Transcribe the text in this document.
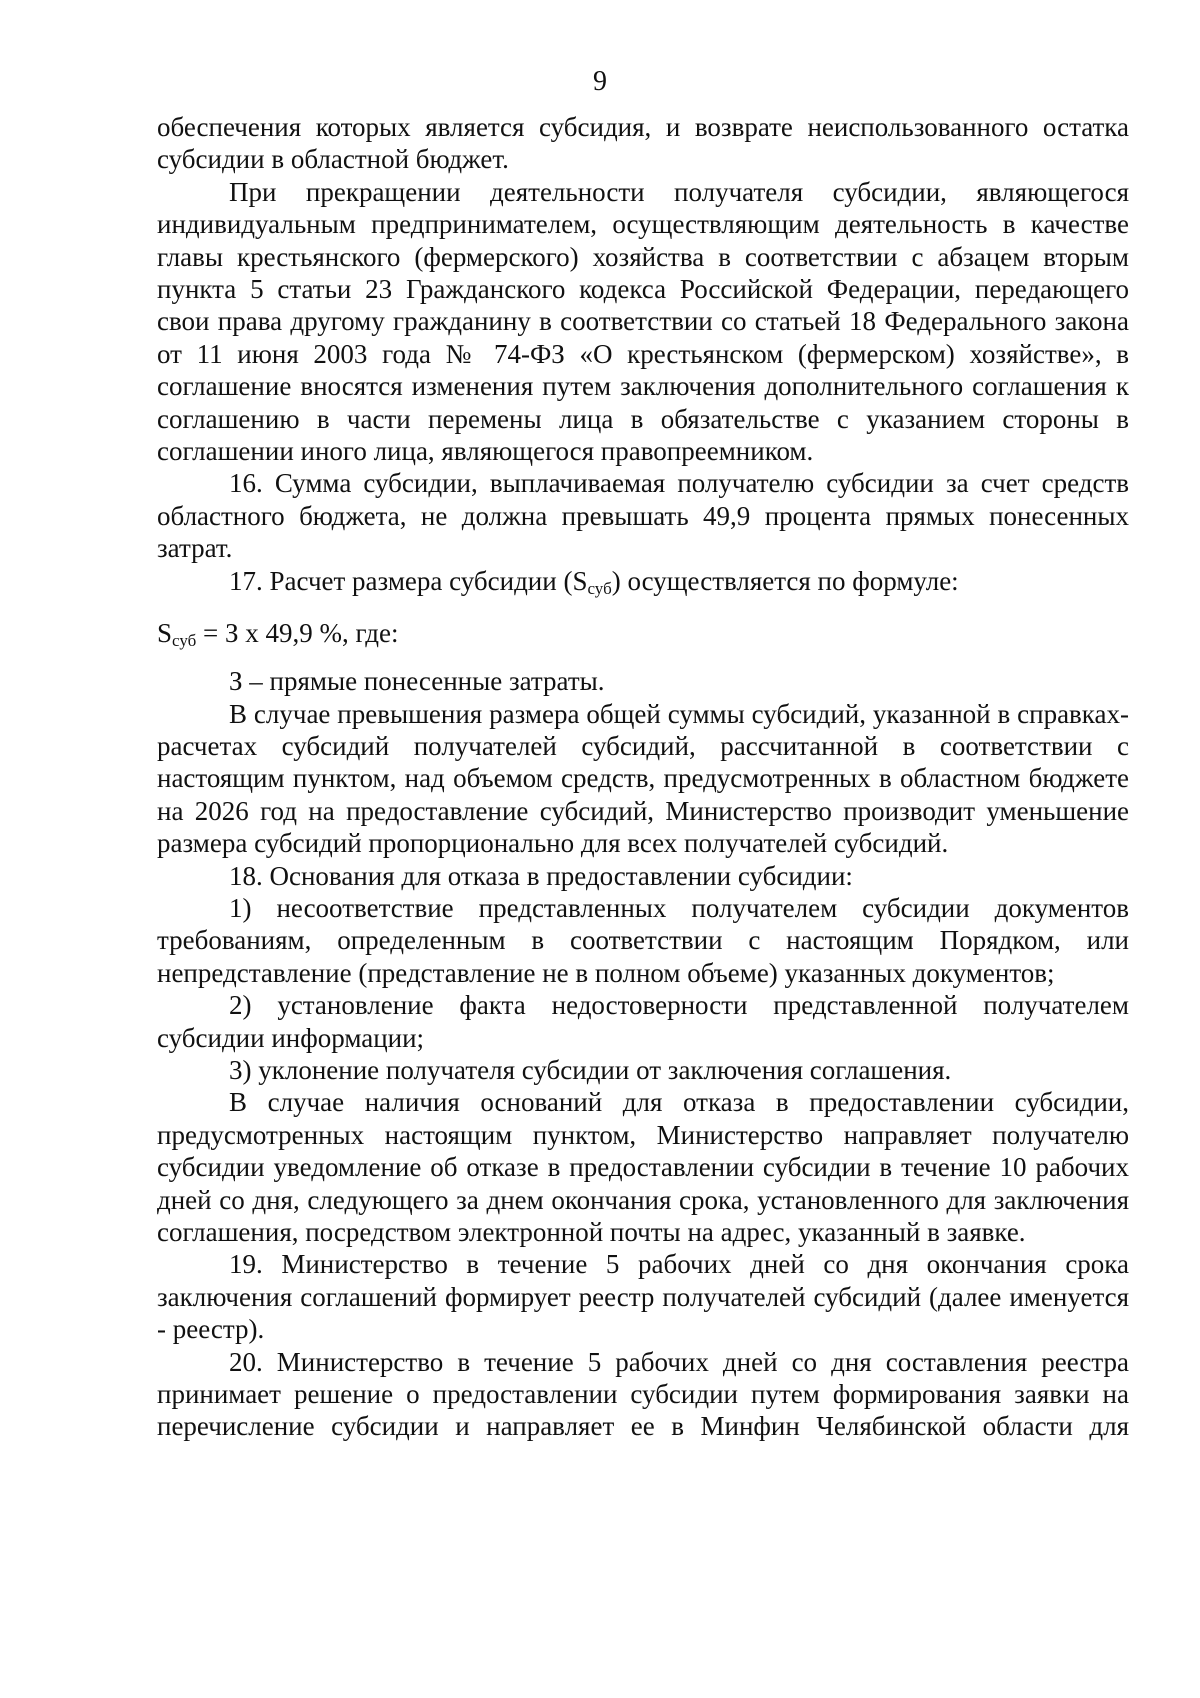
9

обеспечения которых является субсидия, и возврате неиспользованного остатка субсидии в областной бюджет.

При прекращении деятельности получателя субсидии, являющегося индивидуальным предпринимателем, осуществляющим деятельность в качестве главы крестьянского (фермерского) хозяйства в соответствии с абзацем вторым пункта 5 статьи 23 Гражданского кодекса Российской Федерации, передающего свои права другому гражданину в соответствии со статьей 18 Федерального закона от 11 июня 2003 года № 74-ФЗ «О крестьянском (фермерском) хозяйстве», в соглашение вносятся изменения путем заключения дополнительного соглашения к соглашению в части перемены лица в обязательстве с указанием стороны в соглашении иного лица, являющегося правопреемником.

16. Сумма субсидии, выплачиваемая получателю субсидии за счет средств областного бюджета, не должна превышать 49,9 процента прямых понесенных затрат.

17. Расчет размера субсидии (Sсуб) осуществляется по формуле:

$S_{суб} = З$ х 49,9 %, где:

З – прямые понесенные затраты.

В случае превышения размера общей суммы субсидий, указанной в справках-расчетах субсидий получателей субсидий, рассчитанной в соответствии с настоящим пунктом, над объемом средств, предусмотренных в областном бюджете на 2026 год на предоставление субсидий, Министерство производит уменьшение размера субсидий пропорционально для всех получателей субсидий.

18. Основания для отказа в предоставлении субсидии:

1) несоответствие представленных получателем субсидии документов требованиям, определенным в соответствии с настоящим Порядком, или непредставление (представление не в полном объеме) указанных документов;

2) установление факта недостоверности представленной получателем субсидии информации;

3) уклонение получателя субсидии от заключения соглашения.

В случае наличия оснований для отказа в предоставлении субсидии, предусмотренных настоящим пунктом, Министерство направляет получателю субсидии уведомление об отказе в предоставлении субсидии в течение 10 рабочих дней со дня, следующего за днем окончания срока, установленного для заключения соглашения, посредством электронной почты на адрес, указанный в заявке.

19. Министерство в течение 5 рабочих дней со дня окончания срока заключения соглашений формирует реестр получателей субсидий (далее именуется - реестр).

20. Министерство в течение 5 рабочих дней со дня составления реестра принимает решение о предоставлении субсидии путем формирования заявки на перечисление субсидии и направляет ее в Минфин Челябинской области для
